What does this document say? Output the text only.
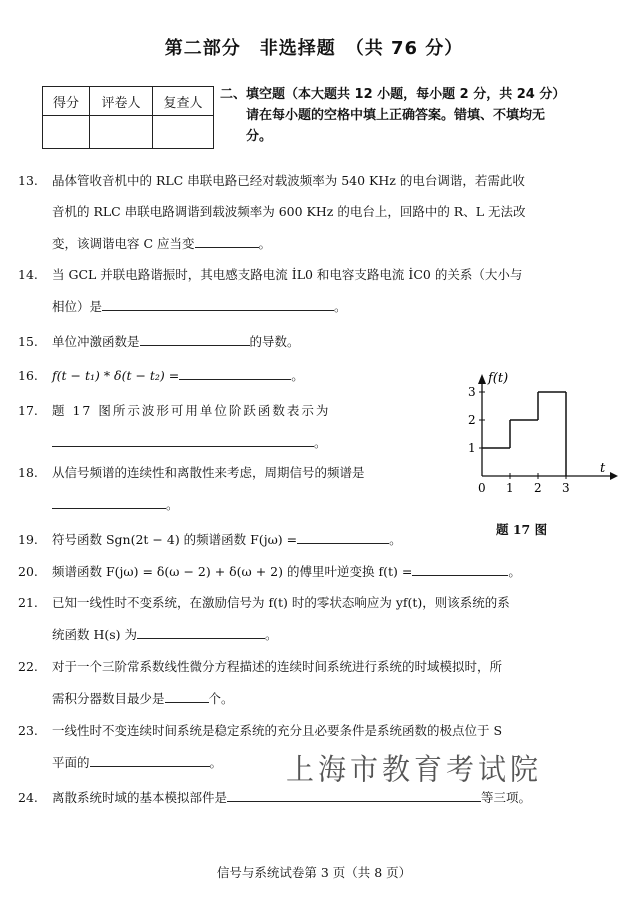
第二部分　非选择题　（共 76 分）
得分	评卷人	复查人

二、填空题（本大题共 12 小题，每小题 2 分，共 24 分）
请在每小题的空格中填上正确答案。错填、不填均无
分。
13. 晶体管收音机中的 RLC 串联电路已经对载波频率为 540 KHz 的电台调谐，若需此收
音机的 RLC 串联电路调谐到载波频率为 600 KHz 的电台上，回路中的 R、L 无法改
变，该调谐电容 C 应当变	。
14. 当 GCL 并联电路谐振时，其电感支路电流 İL0 和电容支路电流 İC0 的关系（大小与
相位）是	。
15. 单位冲激函数是	的导数。
16. f(t − t₁) * δ(t − t₂) =	。
17. 题 17 图所示波形可用单位阶跃函数表示为
。
18. 从信号频谱的连续性和离散性来考虑，周期信号的频谱是
。
f(t)
t
0 1 2 3
1
2
3
题 17 图
19. 符号函数 Sgn(2t − 4) 的频谱函数 F(jω) =	。
20. 频谱函数 F(jω) = δ(ω − 2) + δ(ω + 2) 的傅里叶逆变换 f(t) =	。
21. 已知一线性时不变系统，在激励信号为 f(t) 时的零状态响应为 yf(t)，则该系统的系
统函数 H(s) 为	。
22. 对于一个三阶常系数线性微分方程描述的连续时间系统进行系统的时域模拟时，所
需积分器数目最少是	个。
23. 一线性时不变连续时间系统是稳定系统的充分且必要条件是系统函数的极点位于 S
平面的	。	上海市教育考试院
24. 离散系统时域的基本模拟部件是	等三项。
信号与系统试卷第 3 页（共 8 页）
